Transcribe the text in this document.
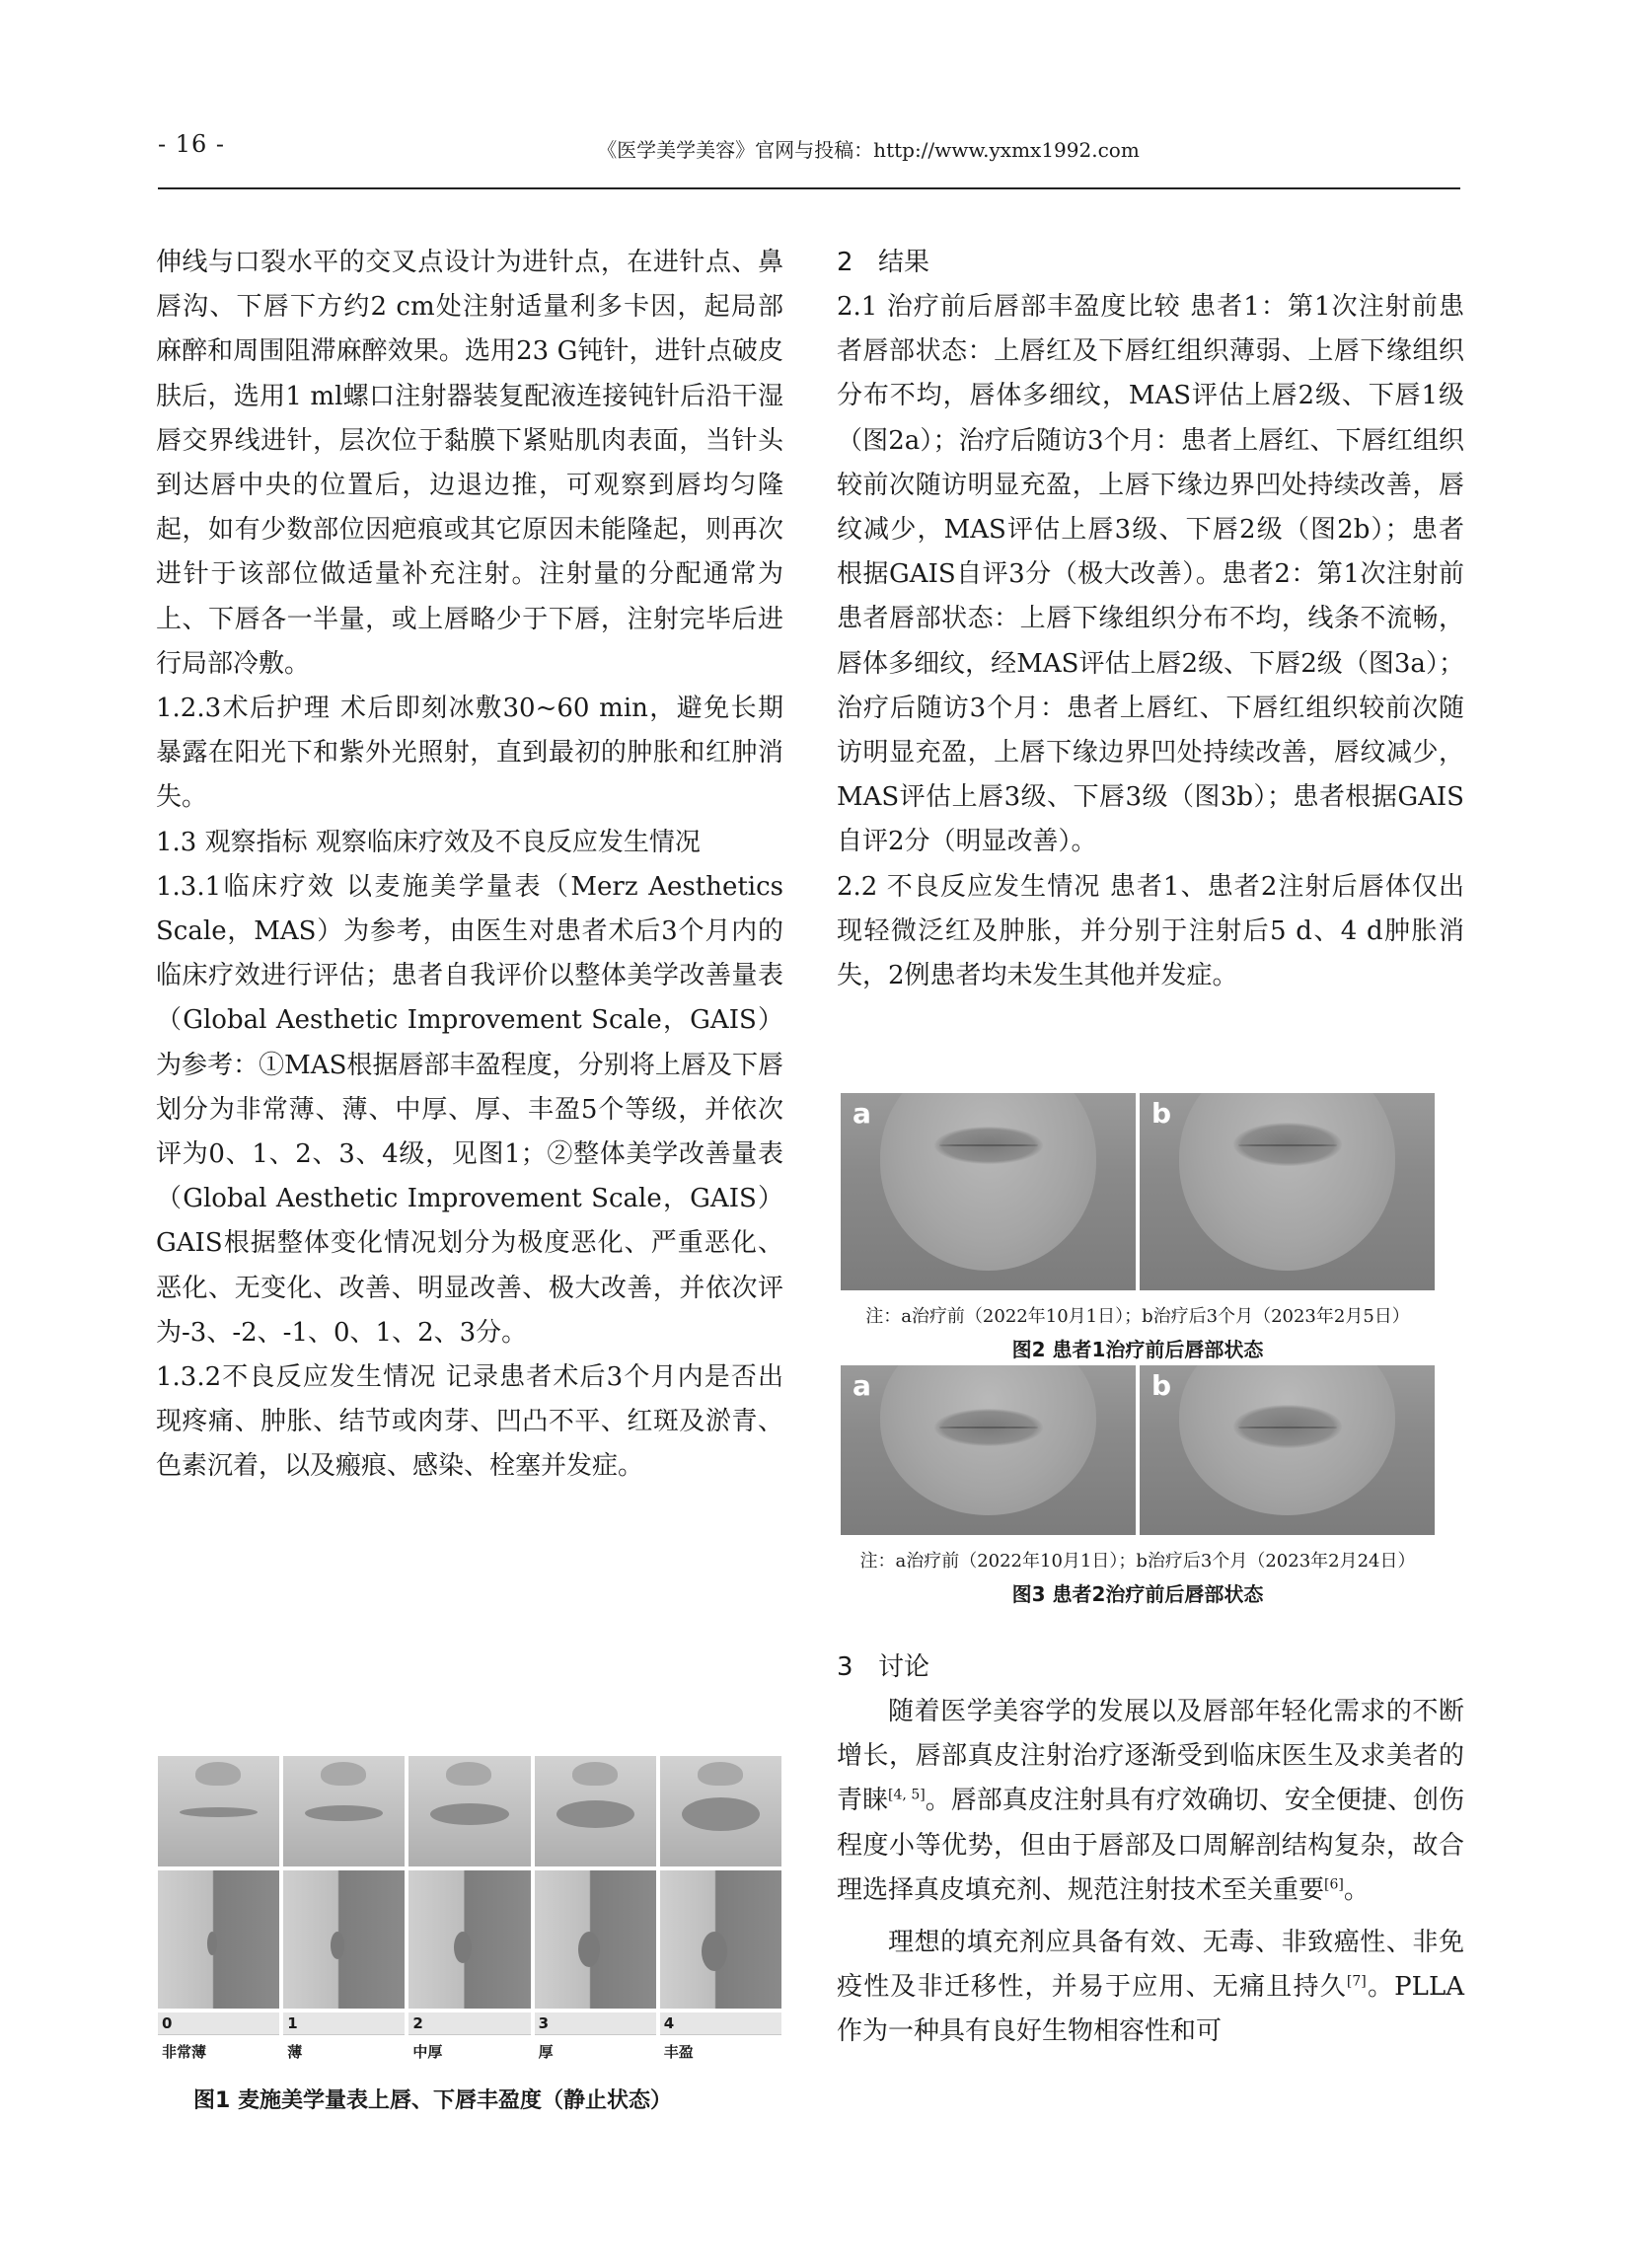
- 16 -	《医学美学美容》官网与投稿：http://www.yxmx1992.com

伸线与口裂水平的交叉点设计为进针点，在进针点、鼻唇沟、下唇下方约2 cm处注射适量利多卡因，起局部麻醉和周围阻滞麻醉效果。选用23 G钝针，进针点破皮肤后，选用1 ml螺口注射器装复配液连接钝针后沿干湿唇交界线进针，层次位于黏膜下紧贴肌肉表面，当针头到达唇中央的位置后，边退边推，可观察到唇均匀隆起，如有少数部位因疤痕或其它原因未能隆起，则再次进针于该部位做适量补充注射。注射量的分配通常为上、下唇各一半量，或上唇略少于下唇，注射完毕后进行局部冷敷。

1.2.3术后护理 术后即刻冰敷30~60 min，避免长期暴露在阳光下和紫外光照射，直到最初的肿胀和红肿消失。

1.3 观察指标 观察临床疗效及不良反应发生情况

1.3.1临床疗效 以麦施美学量表（Merz Aesthetics Scale，MAS）为参考，由医生对患者术后3个月内的临床疗效进行评估；患者自我评价以整体美学改善量表（Global Aesthetic Improvement Scale，GAIS）为参考：①MAS根据唇部丰盈程度，分别将上唇及下唇划分为非常薄、薄、中厚、厚、丰盈5个等级，并依次评为0、1、2、3、4级，见图1；②整体美学改善量表（Global Aesthetic Improvement Scale，GAIS）GAIS根据整体变化情况划分为极度恶化、严重恶化、恶化、无变化、改善、明显改善、极大改善，并依次评为-3、-2、-1、0、1、2、3分。

1.3.2不良反应发生情况 记录患者术后3个月内是否出现疼痛、肿胀、结节或肉芽、凹凸不平、红斑及淤青、色素沉着，以及瘢痕、感染、栓塞并发症。

0
非常薄
1
薄
2
中厚
3
厚
4
丰盈
图1 麦施美学量表上唇、下唇丰盈度（静止状态）

2 结果

2.1 治疗前后唇部丰盈度比较 患者1：第1次注射前患者唇部状态：上唇红及下唇红组织薄弱、上唇下缘组织分布不均，唇体多细纹，MAS评估上唇2级、下唇1级（图2a）；治疗后随访3个月：患者上唇红、下唇红组织较前次随访明显充盈，上唇下缘边界凹处持续改善，唇纹减少，MAS评估上唇3级、下唇2级（图2b）；患者根据GAIS自评3分（极大改善）。患者2：第1次注射前患者唇部状态：上唇下缘组织分布不均，线条不流畅，唇体多细纹，经MAS评估上唇2级、下唇2级（图3a）；治疗后随访3个月：患者上唇红、下唇红组织较前次随访明显充盈，上唇下缘边界凹处持续改善，唇纹减少，MAS评估上唇3级、下唇3级（图3b）；患者根据GAIS自评2分（明显改善）。

2.2 不良反应发生情况 患者1、患者2注射后唇体仅出现轻微泛红及肿胀，并分别于注射后5 d、4 d肿胀消失，2例患者均未发生其他并发症。

a	b
注：a治疗前（2022年10月1日）；b治疗后3个月（2023年2月5日）
图2 患者1治疗前后唇部状态
a	b
注：a治疗前（2022年10月1日）；b治疗后3个月（2023年2月24日）
图3 患者2治疗前后唇部状态

3 讨论

随着医学美容学的发展以及唇部年轻化需求的不断增长，唇部真皮注射治疗逐渐受到临床医生及求美者的青睐[4, 5]。唇部真皮注射具有疗效确切、安全便捷、创伤程度小等优势，但由于唇部及口周解剖结构复杂，故合理选择真皮填充剂、规范注射技术至关重要[6]。

理想的填充剂应具备有效、无毒、非致癌性、非免疫性及非迁移性，并易于应用、无痛且持久[7]。PLLA作为一种具有良好生物相容性和可
